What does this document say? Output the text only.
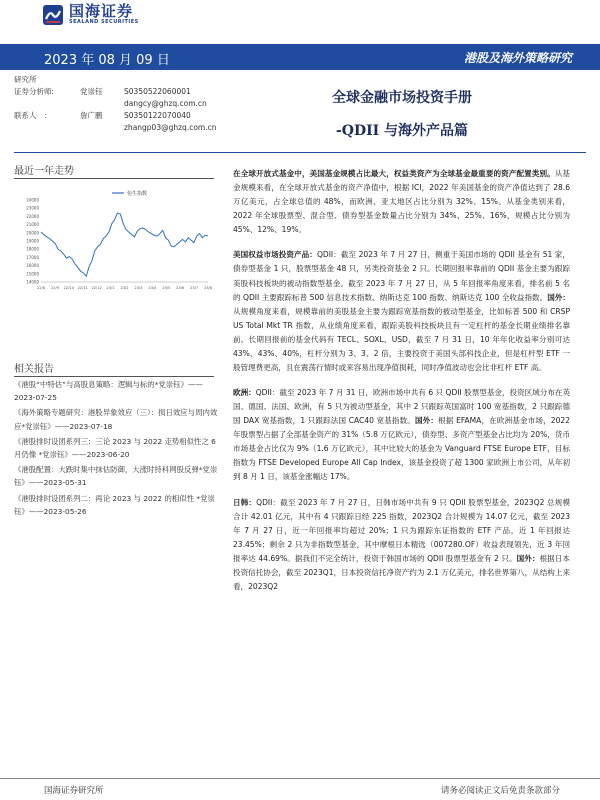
国海证券
SEALAND SECURITIES
2023 年 08 月 09 日	港股及海外策略研究
研究所
证券分析师:	党崇钰	S0350522060001
dangcy@ghzq.com.cn
联系人　：	詹广鹏	S0350122070040
zhangp03@ghzq.com.cn
全球金融市场投资手册
-QDII 与海外产品篇
最近一年走势
14000
15000
16000
17000
18000
19000
20000
21000
22000
23000
24000
22/8 22/9 22/10 22/11 22/12 23/1 23/2 23/3 23/4 23/5 23/6 23/7 23/8
恒生指数
相关报告
《港股“中特估”与高股息策略：逻辑与标的*党崇钰》——2023-07-25
《海外策略专题研究：港股异象效应（三）：损日效应与周内效应*党崇钰》——2023-07-18
《港股排时设团系列三：三论 2023 与 2022 走势相似性之 6 月仍像 *党崇钰》——2023-06-20
《港股配置：大跌时集中抹估防御，大涨时持科网股反弹*党崇钰》——2023-05-31
《港股排时设团系列二：再论 2023 与 2022 的相似性 *党崇钰》——2023-05-26

在全球开放式基金中，美国基金规模占比最大，权益类资产为全球基金最重要的资产配置类别。从基金规模来看，在全球开放式基金的资产净值中，根据 ICI，2022 年美国基金的资产净值达到了 28.6 万亿美元，占全球总值的 48%，而欧洲、亚太地区占比分别为 32%、15%。从基金类别来看，2022 年全球股票型、混合型、债券型基金数量占比分别为 34%、25%、16%，规模占比分别为 45%、12%、19%。

美国权益市场投资产品：QDII：截至 2023 年 7 月 27 日，侧重于美国市场的 QDII 基金有 51 家，债券型基金 1 只，股票型基金 48 只，另类投资基金 2 只。长期回报率靠前的 QDII 基金主要为跟踪美股科技板块的被动指数型基金。截至 2023 年 7 月 27 日，从 5 年回报率角度来看，排名前 5 名的 QDII 主要跟踪标普 500 信息技术指数、纳斯达克 100 指数、纳斯达克 100 全收益指数。国外：从规模角度来看，规模靠前的美股基金主要为跟踪宽基指数的被动型基金，比如标普 500 和 CRSP US Total Mkt TR 指数，从业绩角度来看，跟踪美股科技板块且有一定杠杆的基金长期业绩排名靠前。长期回报前的基金代码有 TECL、SOXL、USD，截至 7 月 31 日，10 年年化收益率分别可达 43%、43%、40%，杠杆分别为 3、3、2 倍，主要投资于美国头部科技企业，但是杠杆型 ETF 一般管理费更高，且在震荡行情时或来容易出现净值损耗，同时净值波动也会比非杠杆 ETF 高。

欧洲：QDII：截至 2023 年 7 月 31 日，欧洲市场中共有 6 只 QDII 股票型基金，投资区域分布在英国、德国、法国、欧洲，有 5 只为被动型基金，其中 2 只跟踪英国富时 100 宽基指数，2 只跟踪德国 DAX 宽基指数，1 只跟踪法国 CAC40 宽基指数。国外：根据 EFAMA，在欧洲基金市场，2022 年股票型占据了全部基金资产的 31%（5.8 万亿欧元），债券型、多资产型基金占比均为 20%，货币市场基金占比仅为 9%（1.6 万亿欧元），其中比较大的基金为 Vanguard FTSE Europe ETF，目标指数为 FTSE Developed Europe All Cap Index，该基金投资了超 1300 家欧洲上市公司，从年初到 8 月 1 日，该基金涨幅达 17%。

日韩：QDII：截至 2023 年 7 月 27 日，日韩市场中共有 9 只 QDII 股票型基金，2023Q2 总规模合计 42.01 亿元，其中有 4 只跟踪日经 225 指数，2023Q2 合计规模为 14.07 亿元，截至 2023 年 7 月 27 日，近一年回报率均超过 20%；1 只为跟踪东证指数的 ETF 产品，近 1 年回报达 23.45%；剩余 2 只为非指数型基金，其中摩根日本精选（007280.OF）收益表现领先，近 3 年回报率达 44.69%。据我们不完全统计，投资于韩国市场的 QDII 股票型基金有 2 只。国外：根据日本投资信托协会，截至 2023Q1，日本投资信托净资产约为 2.1 万亿美元，排名世界第八，从结构上来看，2023Q2

国海证券研究所	请务必阅读正文后免责条款部分
